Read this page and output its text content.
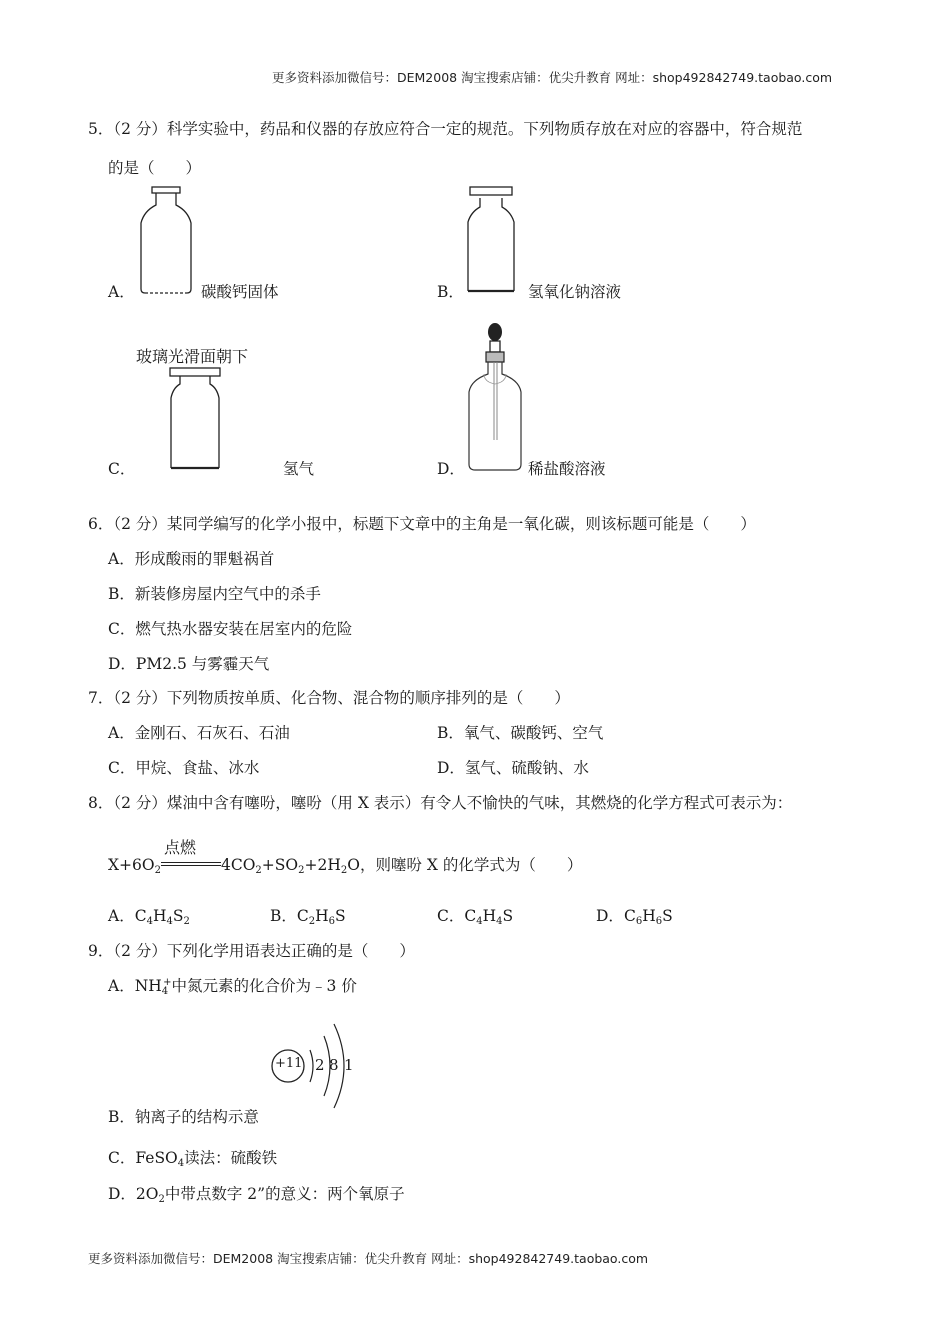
更多资料添加微信号：DEM2008 淘宝搜索店铺：优尖升教育 网址：shop492842749.taobao.com
5．（2 分）科学实验中，药品和仪器的存放应符合一定的规范。下列物质存放在对应的容器中，符合规范
的是（　　）
A．	碳酸钙固体	B．	氢氧化钠溶液
玻璃光滑面朝下
C．	氢气	D．	稀盐酸溶液
6．（2 分）某同学编写的化学小报中，标题下文章中的主角是一氧化碳，则该标题可能是（　　）
A．形成酸雨的罪魁祸首
B．新装修房屋内空气中的杀手
C．燃气热水器安装在居室内的危险
D．PM2.5 与雾霾天气
7．（2 分）下列物质按单质、化合物、混合物的顺序排列的是（　　）
A．金刚石、石灰石、石油	B．氧气、碳酸钙、空气
C．甲烷、食盐、冰水	D．氢气、硫酸钠、水
8．（2 分）煤油中含有噻吩，噻吩（用 X 表示）有令人不愉快的气味，其燃烧的化学方程式可表示为：
点燃
$X+6O_2$	$4CO_2+SO_2+2H_2O$，则噻吩 X 的化学式为（　　）
A．$C_4H_4S_2$	B．$C_2H_6S$	C．$C_4H_4S$	D．$C_6H_6S$
9．（2 分）下列化学用语表达正确的是（　　）
A．$NH_4^+$中氮元素的化合价为﹣3 价
+11 2 8 1
B．钠离子的结构示意
C．FeSO$_4$读法：硫酸铁
D．$2O_2$中带点数字 2”的意义：两个氧原子
更多资料添加微信号：DEM2008 淘宝搜索店铺：优尖升教育 网址：shop492842749.taobao.com
